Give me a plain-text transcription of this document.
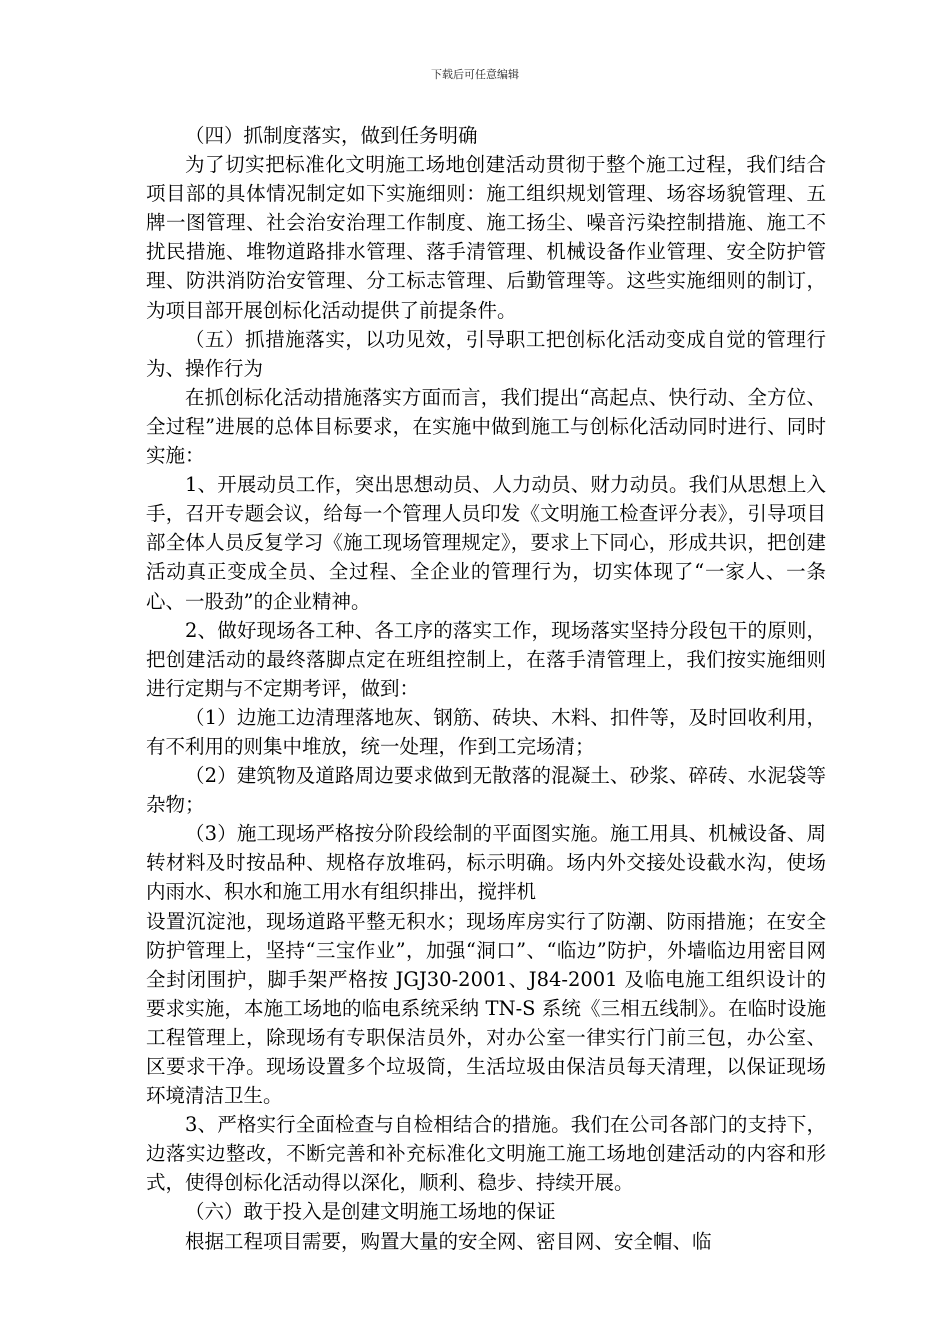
下载后可任意编辑

（四）抓制度落实，做到任务明确

为了切实把标准化文明施工场地创建活动贯彻于整个施工过程，我们结合项目部的具体情况制定如下实施细则：施工组织规划管理、场容场貌管理、五牌一图管理、社会治安治理工作制度、施工扬尘、噪音污染控制措施、施工不扰民措施、堆物道路排水管理、落手清管理、机械设备作业管理、安全防护管理、防洪消防治安管理、分工标志管理、后勤管理等。这些实施细则的制订，为项目部开展创标化活动提供了前提条件。

（五）抓措施落实，以功见效，引导职工把创标化活动变成自觉的管理行为、操作行为

在抓创标化活动措施落实方面而言，我们提出“高起点、快行动、全方位、全过程”进展的总体目标要求，在实施中做到施工与创标化活动同时进行、同时实施：

1、开展动员工作，突出思想动员、人力动员、财力动员。我们从思想上入手，召开专题会议，给每一个管理人员印发《文明施工检查评分表》，引导项目部全体人员反复学习《施工现场管理规定》，要求上下同心，形成共识，把创建活动真正变成全员、全过程、全企业的管理行为，切实体现了“一家人、一条心、一股劲”的企业精神。

2、做好现场各工种、各工序的落实工作，现场落实坚持分段包干的原则，把创建活动的最终落脚点定在班组控制上，在落手清管理上，我们按实施细则进行定期与不定期考评，做到：

（1）边施工边清理落地灰、钢筋、砖块、木料、扣件等，及时回收利用，有不利用的则集中堆放，统一处理，作到工完场清；

（2）建筑物及道路周边要求做到无散落的混凝土、砂浆、碎砖、水泥袋等杂物；

（3）施工现场严格按分阶段绘制的平面图实施。施工用具、机械设备、周转材料及时按品种、规格存放堆码，标示明确。场内外交接处设截水沟，使场内雨水、积水和施工用水有组织排出，搅拌机

设置沉淀池，现场道路平整无积水；现场库房实行了防潮、防雨措施；在安全防护管理上，坚持“三宝作业”，加强“洞口”、“临边”防护，外墙临边用密目网全封闭围护，脚手架严格按 JGJ30-2001、J84-2001 及临电施工组织设计的要求实施，本施工场地的临电系统采纳 TN-S 系统《三相五线制》。在临时设施工程管理上，除现场有专职保洁员外，对办公室一律实行门前三包，办公室、区要求干净。现场设置多个垃圾筒，生活垃圾由保洁员每天清理，以保证现场环境清洁卫生。

3、严格实行全面检查与自检相结合的措施。我们在公司各部门的支持下，边落实边整改，不断完善和补充标准化文明施工施工场地创建活动的内容和形式，使得创标化活动得以深化，顺利、稳步、持续开展。

（六）敢于投入是创建文明施工场地的保证

根据工程项目需要，购置大量的安全网、密目网、安全帽、临
